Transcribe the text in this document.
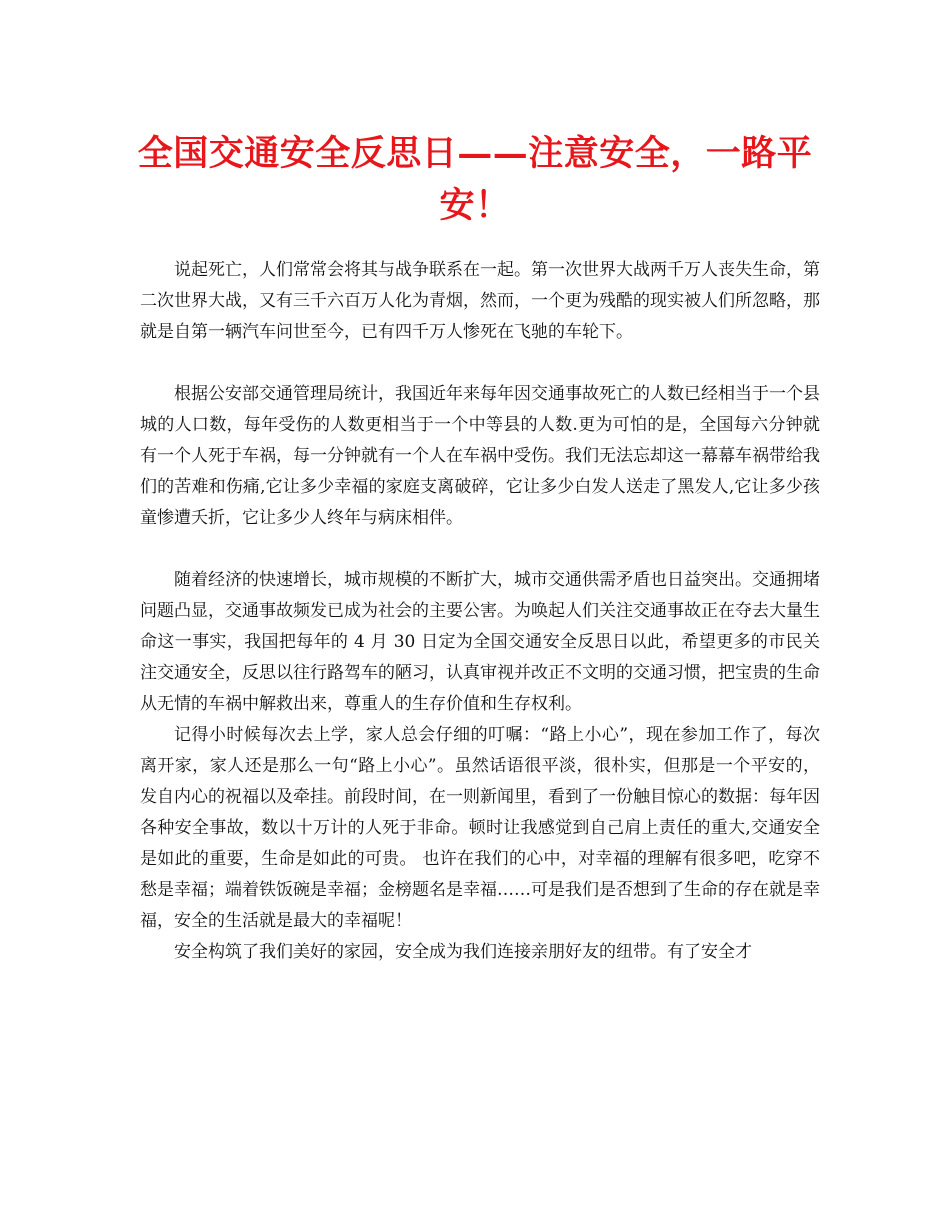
全国交通安全反思日——注意安全，一路平安！

说起死亡，人们常常会将其与战争联系在一起。第一次世界大战两千万人丧失生命，第二次世界大战，又有三千六百万人化为青烟，然而，一个更为残酷的现实被人们所忽略，那就是自第一辆汽车问世至今，已有四千万人惨死在飞驰的车轮下。

根据公安部交通管理局统计，我国近年来每年因交通事故死亡的人数已经相当于一个县城的人口数，每年受伤的人数更相当于一个中等县的人数.更为可怕的是，全国每六分钟就有一个人死于车祸，每一分钟就有一个人在车祸中受伤。我们无法忘却这一幕幕车祸带给我们的苦难和伤痛,它让多少幸福的家庭支离破碎，它让多少白发人送走了黑发人,它让多少孩童惨遭夭折，它让多少人终年与病床相伴。

随着经济的快速增长，城市规模的不断扩大，城市交通供需矛盾也日益突出。交通拥堵问题凸显，交通事故频发已成为社会的主要公害。为唤起人们关注交通事故正在夺去大量生命这一事实，我国把每年的 4 月 30 日定为全国交通安全反思日以此，希望更多的市民关注交通安全，反思以往行路驾车的陋习，认真审视并改正不文明的交通习惯，把宝贵的生命从无情的车祸中解救出来，尊重人的生存价值和生存权利。

记得小时候每次去上学，家人总会仔细的叮嘱：“路上小心”，现在参加工作了，每次离开家，家人还是那么一句“路上小心”。虽然话语很平淡，很朴实，但那是一个平安的，发自内心的祝福以及牵挂。前段时间，在一则新闻里，看到了一份触目惊心的数据：每年因各种安全事故，数以十万计的人死于非命。顿时让我感觉到自己肩上责任的重大,交通安全是如此的重要，生命是如此的可贵。 也许在我们的心中，对幸福的理解有很多吧，吃穿不愁是幸福；端着铁饭碗是幸福；金榜题名是幸福……可是我们是否想到了生命的存在就是幸福，安全的生活就是最大的幸福呢！

安全构筑了我们美好的家园，安全成为我们连接亲朋好友的纽带。有了安全才
